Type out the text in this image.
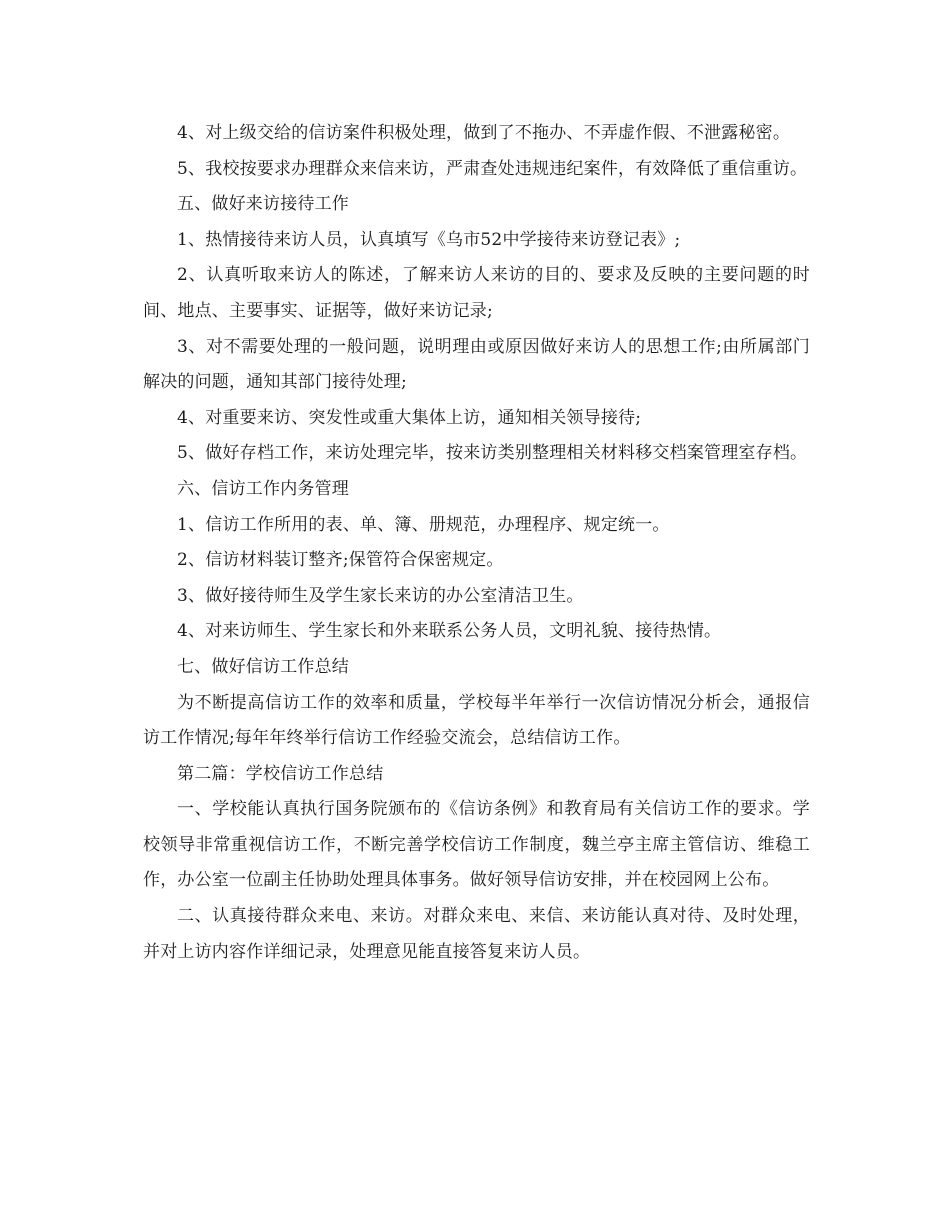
4、对上级交给的信访案件积极处理，做到了不拖办、不弄虚作假、不泄露秘密。

5、我校按要求办理群众来信来访，严肃查处违规违纪案件，有效降低了重信重访。

五、做好来访接待工作

1、热情接待来访人员，认真填写《乌市52中学接待来访登记表》;

2、认真听取来访人的陈述，了解来访人来访的目的、要求及反映的主要问题的时间、地点、主要事实、证据等，做好来访记录;

3、对不需要处理的一般问题，说明理由或原因做好来访人的思想工作;由所属部门解决的问题，通知其部门接待处理;

4、对重要来访、突发性或重大集体上访，通知相关领导接待;

5、做好存档工作，来访处理完毕，按来访类别整理相关材料移交档案管理室存档。

六、信访工作内务管理

1、信访工作所用的表、单、簿、册规范，办理程序、规定统一。

2、信访材料装订整齐;保管符合保密规定。

3、做好接待师生及学生家长来访的办公室清洁卫生。

4、对来访师生、学生家长和外来联系公务人员，文明礼貌、接待热情。

七、做好信访工作总结

为不断提高信访工作的效率和质量，学校每半年举行一次信访情况分析会，通报信访工作情况;每年年终举行信访工作经验交流会，总结信访工作。

第二篇：学校信访工作总结

一、学校能认真执行国务院颁布的《信访条例》和教育局有关信访工作的要求。学校领导非常重视信访工作，不断完善学校信访工作制度，魏兰亭主席主管信访、维稳工作，办公室一位副主任协助处理具体事务。做好领导信访安排，并在校园网上公布。

二、认真接待群众来电、来访。对群众来电、来信、来访能认真对待、及时处理，并对上访内容作详细记录，处理意见能直接答复来访人员。
